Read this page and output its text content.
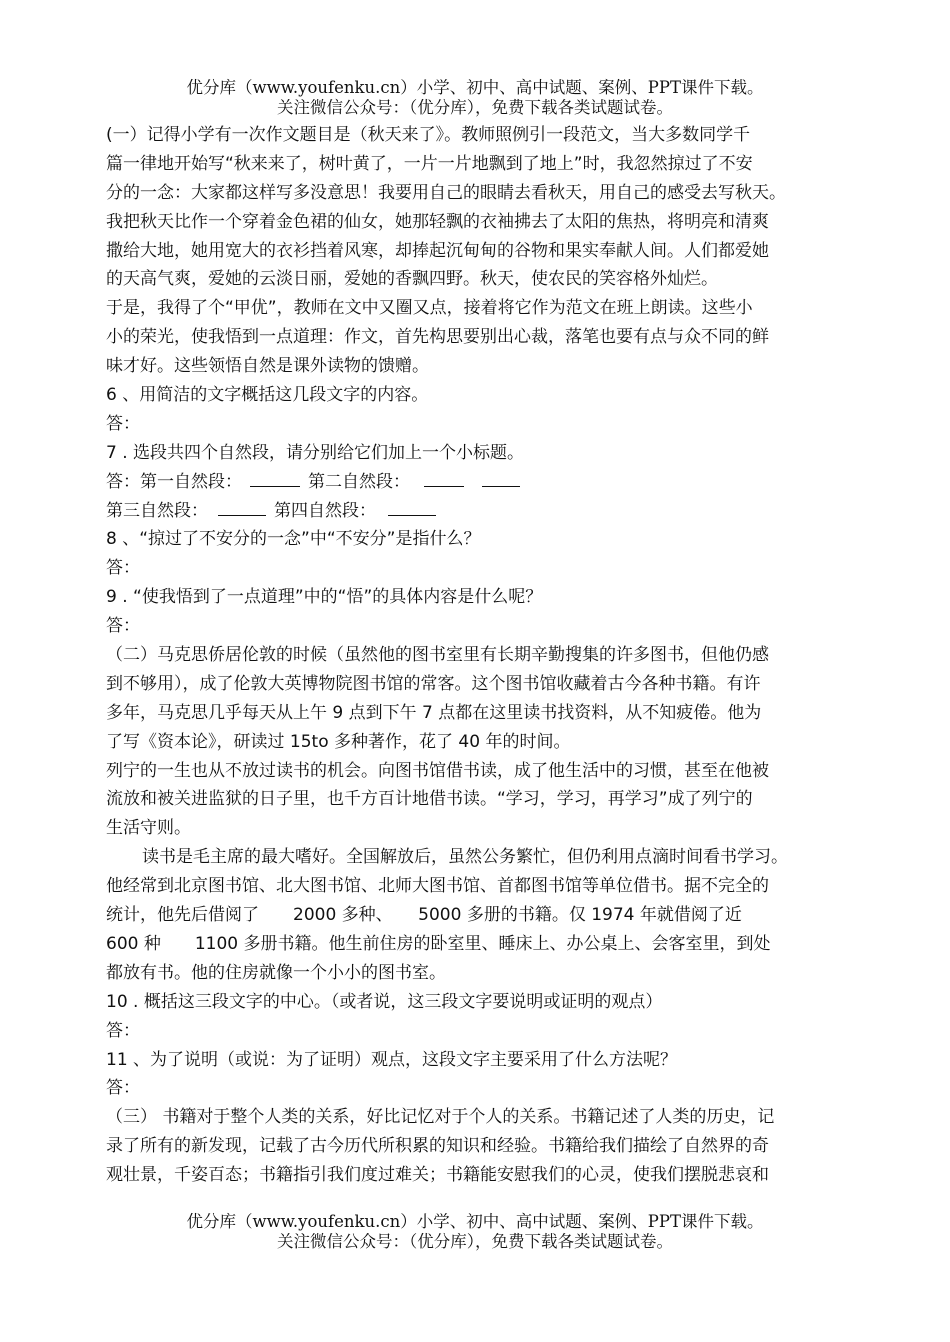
优分库（www.youfenku.cn）小学、初中、高中试题、案例、PPT课件下载。
关注微信公众号：（优分库），免费下载各类试题试卷。
(一）记得小学有一次作文题目是（秋天来了》。教师照例引一段范文，当大多数同学千
篇一律地开始写“秋来来了，树叶黄了，一片一片地飘到了地上”时，我忽然掠过了不安
分的一念：大家都这样写多没意思！我要用自己的眼睛去看秋天，用自己的感受去写秋天。
我把秋天比作一个穿着金色裙的仙女，她那轻飘的衣袖拂去了太阳的焦热，将明亮和清爽
撒给大地，她用宽大的衣衫挡着风寒，却捧起沉甸甸的谷物和果实奉献人间。人们都爱她
的天高气爽，爱她的云淡日丽，爱她的香飘四野。秋天，使农民的笑容格外灿烂。
于是，我得了个“甲优”，教师在文中又圈又点，接着将它作为范文在班上朗读。这些小
小的荣光，使我悟到一点道理：作文，首先构思要别出心裁，落笔也要有点与众不同的鲜
味才好。这些领悟自然是课外读物的馈赠。
6 、用简洁的文字概括这几段文字的内容。
答：
7 . 选段共四个自然段，请分别给它们加上一个小标题。
答：第一自然段：	第二自然段：
第三自然段：	第四自然段：
8 、“掠过了不安分的一念”中“不安分”是指什么？
答：
9 . “使我悟到了一点道理”中的“悟”的具体内容是什么呢？
答：
（二）马克思侨居伦敦的时候（虽然他的图书室里有长期辛勤搜集的许多图书，但他仍感
到不够用），成了伦敦大英博物院图书馆的常客。这个图书馆收藏着古今各种书籍。有许
多年，马克思几乎每天从上午 9 点到下午 7 点都在这里读书找资料，从不知疲倦。他为
了写《资本论》，研读过 15to 多种著作，花了 40 年的时间。
列宁的一生也从不放过读书的机会。向图书馆借书读，成了他生活中的习惯，甚至在他被
流放和被关进监狱的日子里，也千方百计地借书读。“学习，学习，再学习”成了列宁的
生活守则。
读书是毛主席的最大嗜好。全国解放后，虽然公务繁忙，但仍利用点滴时间看书学习。
他经常到北京图书馆、北大图书馆、北师大图书馆、首都图书馆等单位借书。据不完全的
统计，他先后借阅了　　2000 多种、　　5000 多册的书籍。仅 1974 年就借阅了近
600 种　　1100 多册书籍。他生前住房的卧室里、睡床上、办公桌上、会客室里，到处
都放有书。他的住房就像一个小小的图书室。
10 . 概括这三段文字的中心。（或者说，这三段文字要说明或证明的观点）
答：
11 、为了说明（或说：为了证明）观点，这段文字主要采用了什么方法呢？
答：
（三） 书籍对于整个人类的关系，好比记忆对于个人的关系。书籍记述了人类的历史，记
录了所有的新发现，记载了古今历代所积累的知识和经验。书籍给我们描绘了自然界的奇
观壮景，千姿百态；书籍指引我们度过难关；书籍能安慰我们的心灵，使我们摆脱悲哀和
优分库（www.youfenku.cn）小学、初中、高中试题、案例、PPT课件下载。
关注微信公众号：（优分库），免费下载各类试题试卷。
